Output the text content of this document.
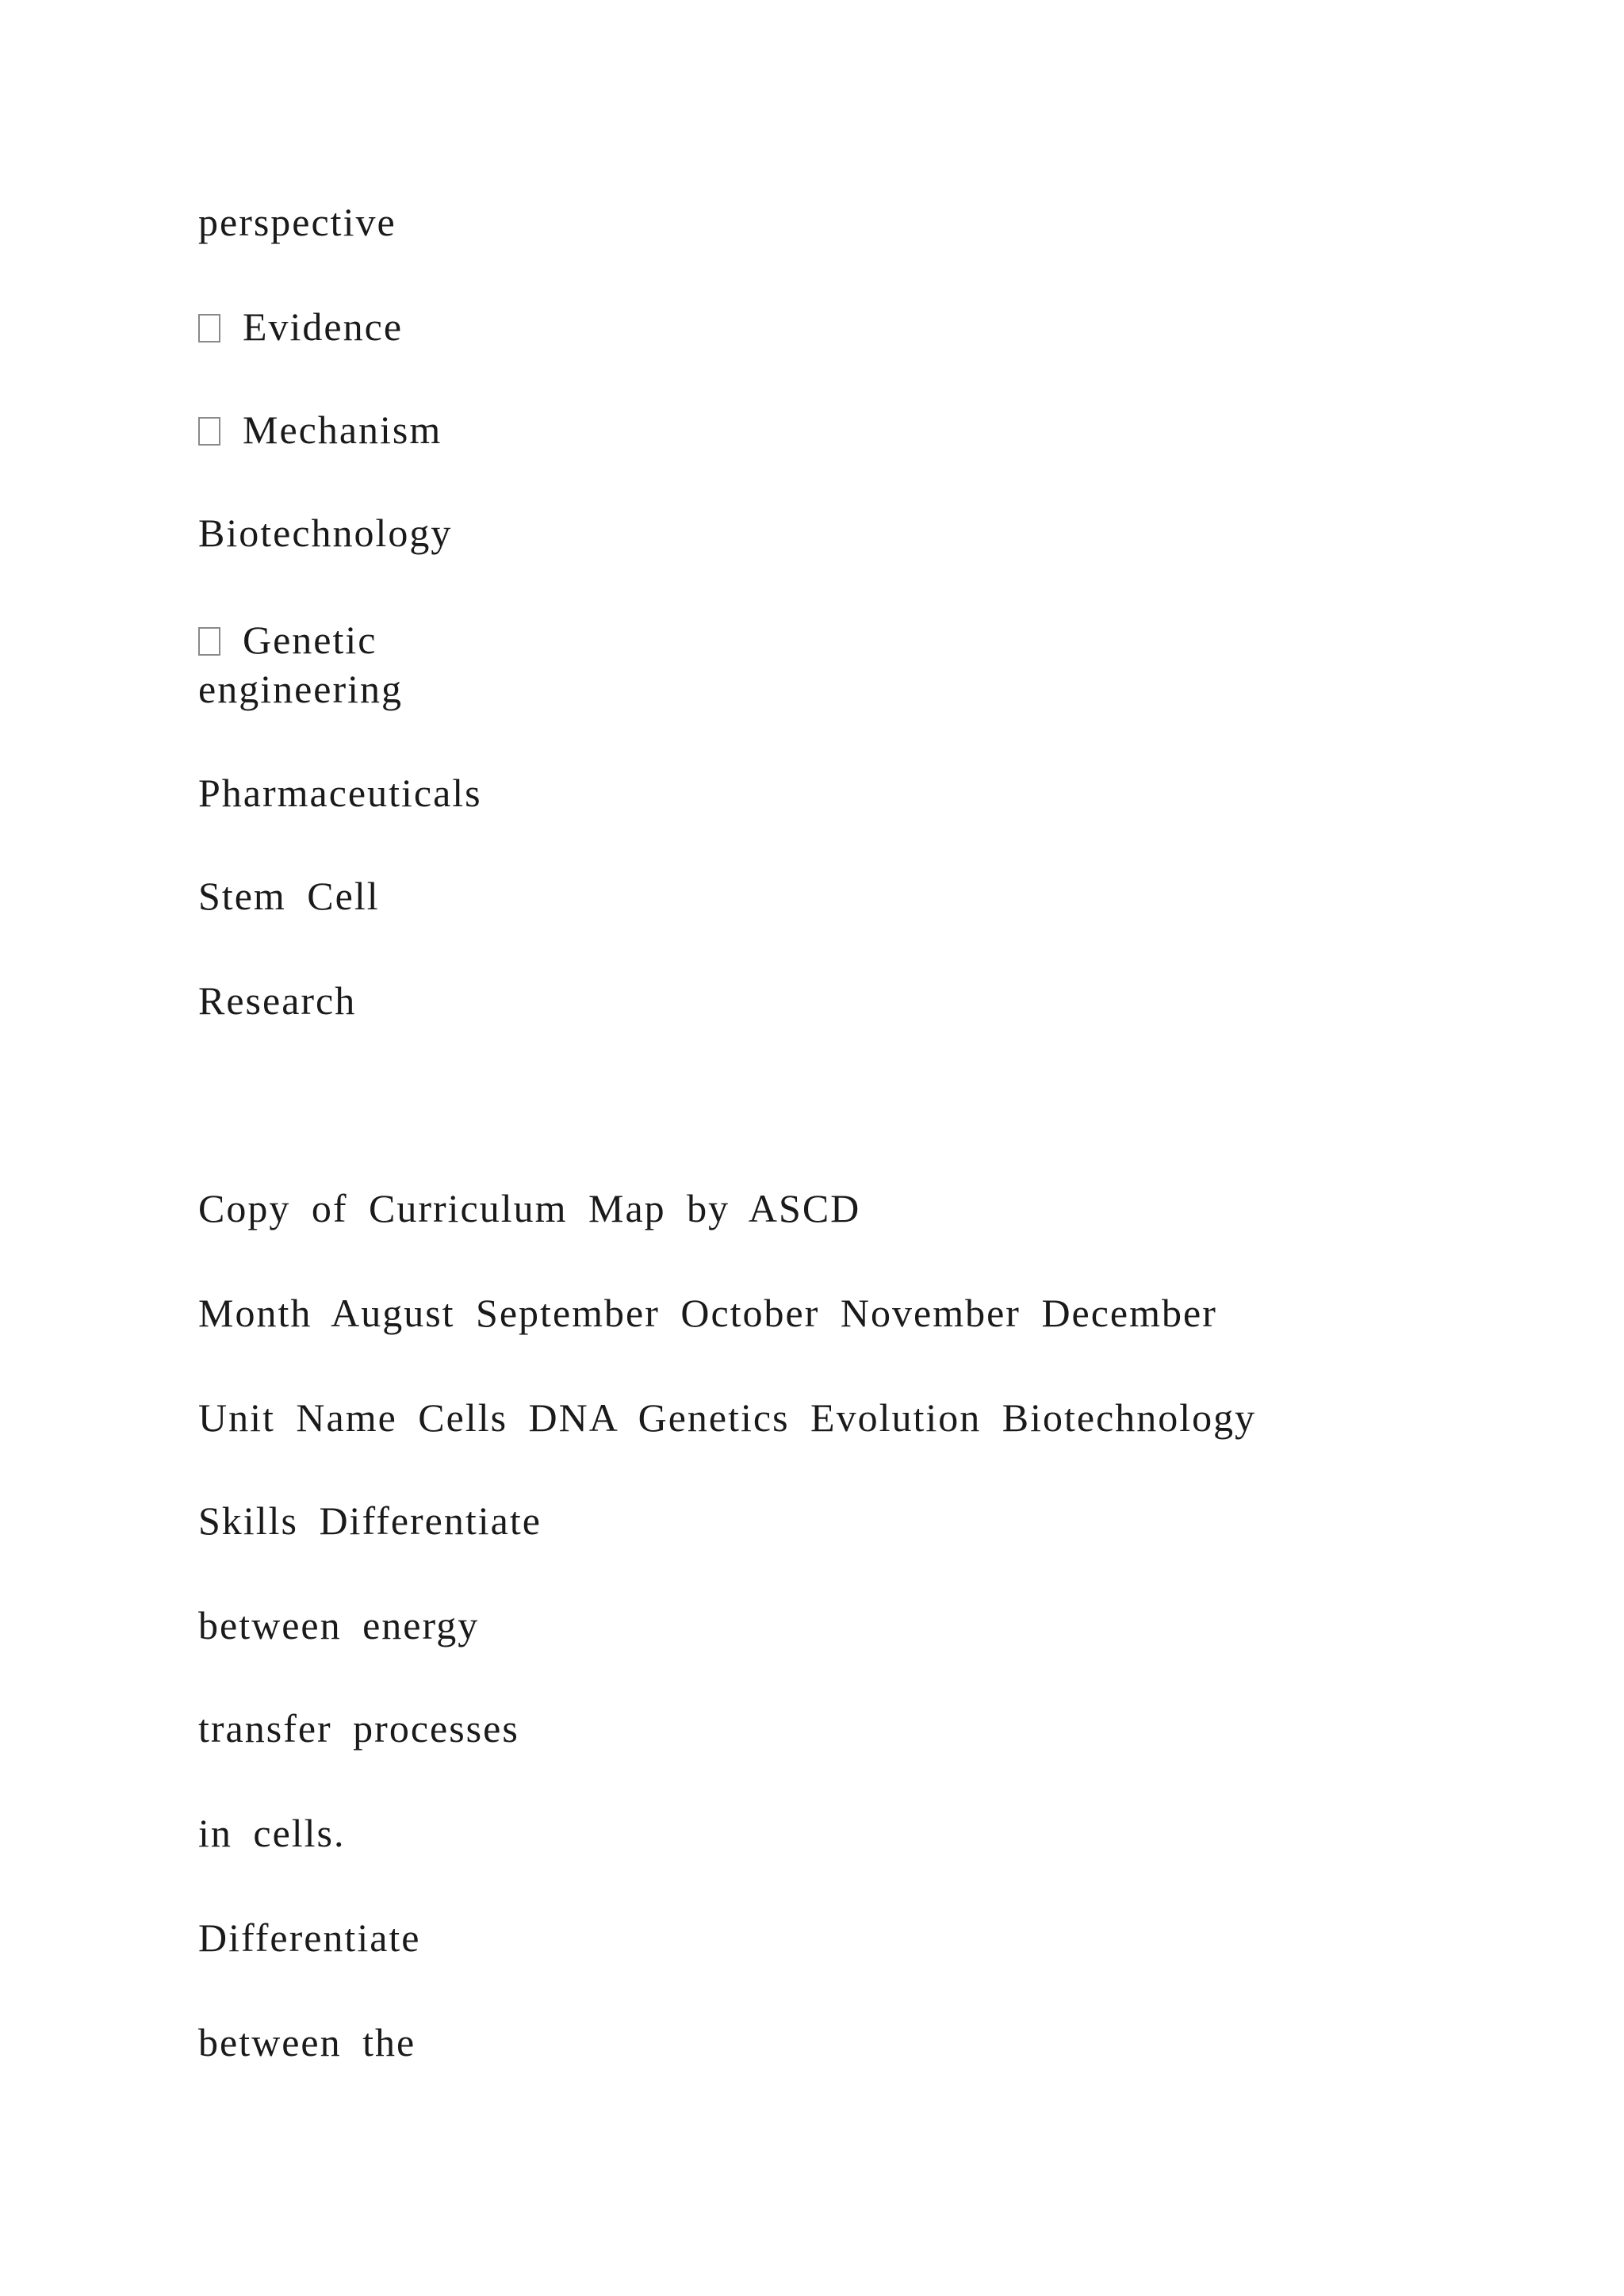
perspective

Evidence
Mechanism

Biotechnology

Genetic
engineering

Pharmaceuticals

Stem Cell

Research

Copy of Curriculum Map by ASCD

Month August September October November December

Unit Name Cells DNA Genetics Evolution Biotechnology

Skills Differentiate

between energy

transfer processes

in cells.

Differentiate

between the
